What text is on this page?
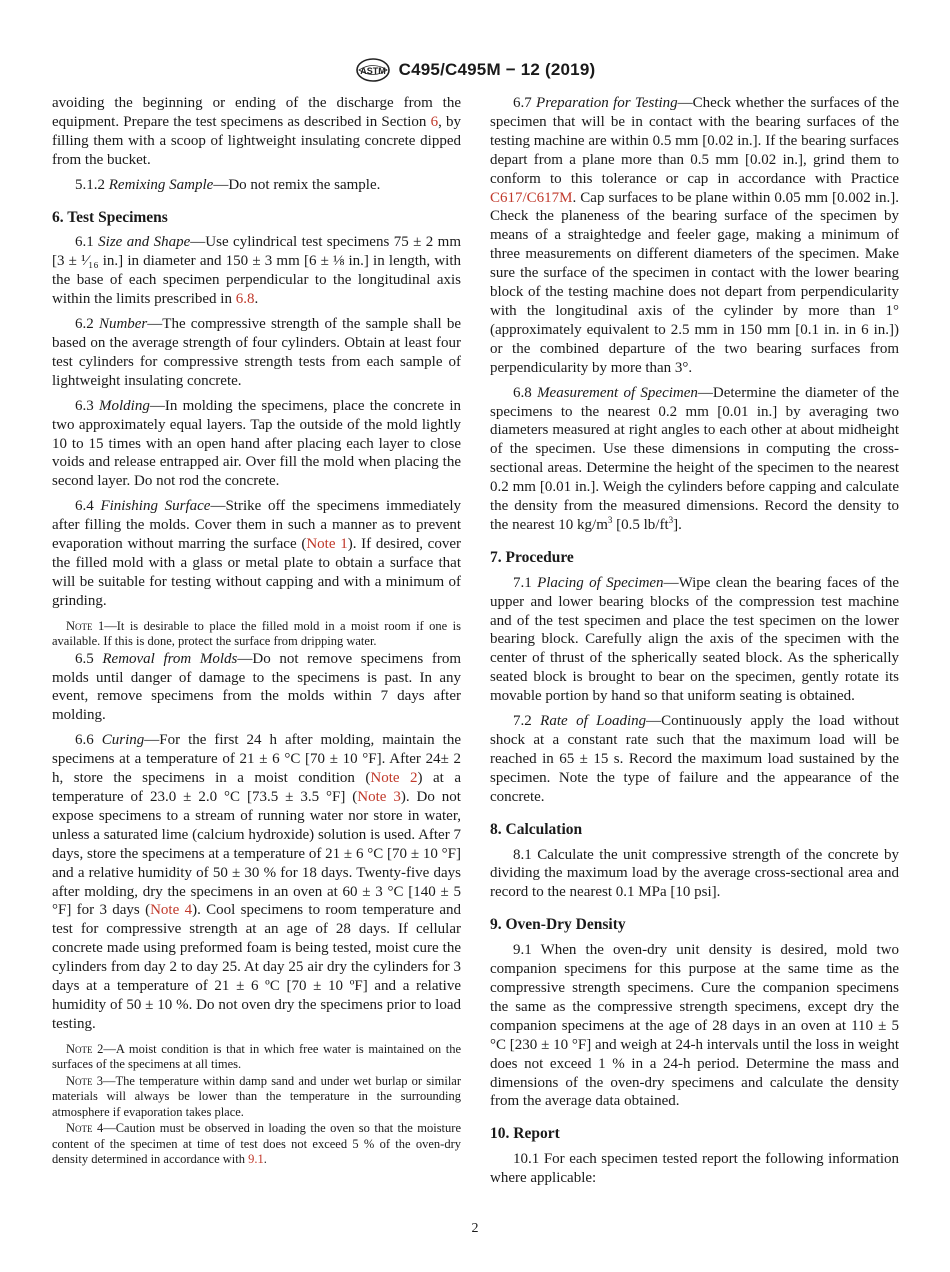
ASTM C495/C495M − 12 (2019)

avoiding the beginning or ending of the discharge from the equipment. Prepare the test specimens as described in Section 6, by filling them with a scoop of lightweight insulating concrete dipped from the bucket.

5.1.2 Remixing Sample—Do not remix the sample.

6. Test Specimens

6.1 Size and Shape—Use cylindrical test specimens 75 ± 2 mm [3 ± ¹⁄₁₆ in.] in diameter and 150 ± 3 mm [6 ± ⅛ in.] in length, with the base of each specimen perpendicular to the longitudinal axis within the limits prescribed in 6.8.

6.2 Number—The compressive strength of the sample shall be based on the average strength of four cylinders. Obtain at least four test cylinders for compressive strength tests from each sample of lightweight insulating concrete.

6.3 Molding—In molding the specimens, place the concrete in two approximately equal layers. Tap the outside of the mold lightly 10 to 15 times with an open hand after placing each layer to close voids and release entrapped air. Over fill the mold when placing the second layer. Do not rod the concrete.

6.4 Finishing Surface—Strike off the specimens immediately after filling the molds. Cover them in such a manner as to prevent evaporation without marring the surface (Note 1). If desired, cover the filled mold with a glass or metal plate to obtain a surface that will be suitable for testing without capping and with a minimum of grinding.

Note 1—It is desirable to place the filled mold in a moist room if one is available. If this is done, protect the surface from dripping water.

6.5 Removal from Molds—Do not remove specimens from molds until danger of damage to the specimens is past. In any event, remove specimens from the molds within 7 days after molding.

6.6 Curing—For the first 24 h after molding, maintain the specimens at a temperature of 21 ± 6 °C [70 ± 10 °F]. After 24± 2 h, store the specimens in a moist condition (Note 2) at a temperature of 23.0 ± 2.0 °C [73.5 ± 3.5 °F] (Note 3). Do not expose specimens to a stream of running water nor store in water, unless a saturated lime (calcium hydroxide) solution is used. After 7 days, store the specimens at a temperature of 21 ± 6 °C [70 ± 10 °F] and a relative humidity of 50 ± 30 % for 18 days. Twenty-five days after molding, dry the specimens in an oven at 60 ± 3 °C [140 ± 5 °F] for 3 days (Note 4). Cool specimens to room temperature and test for compressive strength at an age of 28 days. If cellular concrete made using preformed foam is being tested, moist cure the cylinders from day 2 to day 25. At day 25 air dry the cylinders for 3 days at a temperature of 21 ± 6 ºC [70 ± 10 ºF] and a relative humidity of 50 ± 10 %. Do not oven dry the specimens prior to load testing.

Note 2—A moist condition is that in which free water is maintained on the surfaces of the specimens at all times.

Note 3—The temperature within damp sand and under wet burlap or similar materials will always be lower than the temperature in the surrounding atmosphere if evaporation takes place.

Note 4—Caution must be observed in loading the oven so that the moisture content of the specimen at time of test does not exceed 5 % of the oven-dry density determined in accordance with 9.1.

6.7 Preparation for Testing—Check whether the surfaces of the specimen that will be in contact with the bearing surfaces of the testing machine are within 0.5 mm [0.02 in.]. If the bearing surfaces depart from a plane more than 0.5 mm [0.02 in.], grind them to conform to this tolerance or cap in accordance with Practice C617/C617M. Cap surfaces to be plane within 0.05 mm [0.002 in.]. Check the planeness of the bearing surface of the specimen by means of a straightedge and feeler gage, making a minimum of three measurements on different diameters of the specimen. Make sure the surface of the specimen in contact with the lower bearing block of the testing machine does not depart from perpendicularity with the longitudinal axis of the cylinder by more than 1° (approximately equivalent to 2.5 mm in 150 mm [0.1 in. in 6 in.]) or the combined departure of the two bearing surfaces from perpendicularity by more than 3°.

6.8 Measurement of Specimen—Determine the diameter of the specimens to the nearest 0.2 mm [0.01 in.] by averaging two diameters measured at right angles to each other at about midheight of the specimen. Use these dimensions in computing the cross-sectional areas. Determine the height of the specimen to the nearest 0.2 mm [0.01 in.]. Weigh the cylinders before capping and calculate the density from the measured dimensions. Record the density to the nearest 10 $kg/m^3$ [0.5 $lb/ft^3$].

7. Procedure

7.1 Placing of Specimen—Wipe clean the bearing faces of the upper and lower bearing blocks of the compression test machine and of the test specimen and place the test specimen on the lower bearing block. Carefully align the axis of the specimen with the center of thrust of the spherically seated block. As the spherically seated block is brought to bear on the specimen, gently rotate its movable portion by hand so that uniform seating is obtained.

7.2 Rate of Loading—Continuously apply the load without shock at a constant rate such that the maximum load will be reached in 65 ± 15 s. Record the maximum load sustained by the specimen. Note the type of failure and the appearance of the concrete.

8. Calculation

8.1 Calculate the unit compressive strength of the concrete by dividing the maximum load by the average cross-sectional area and record to the nearest 0.1 MPa [10 psi].

9. Oven-Dry Density

9.1 When the oven-dry unit density is desired, mold two companion specimens for this purpose at the same time as the compressive strength specimens. Cure the companion specimens the same as the compressive strength specimens, except dry the companion specimens at the age of 28 days in an oven at 110 ± 5 °C [230 ± 10 °F] and weigh at 24-h intervals until the loss in weight does not exceed 1 % in a 24-h period. Determine the mass and dimensions of the oven-dry specimens and calculate the density from the average data obtained.

10. Report

10.1 For each specimen tested report the following information where applicable:

2
